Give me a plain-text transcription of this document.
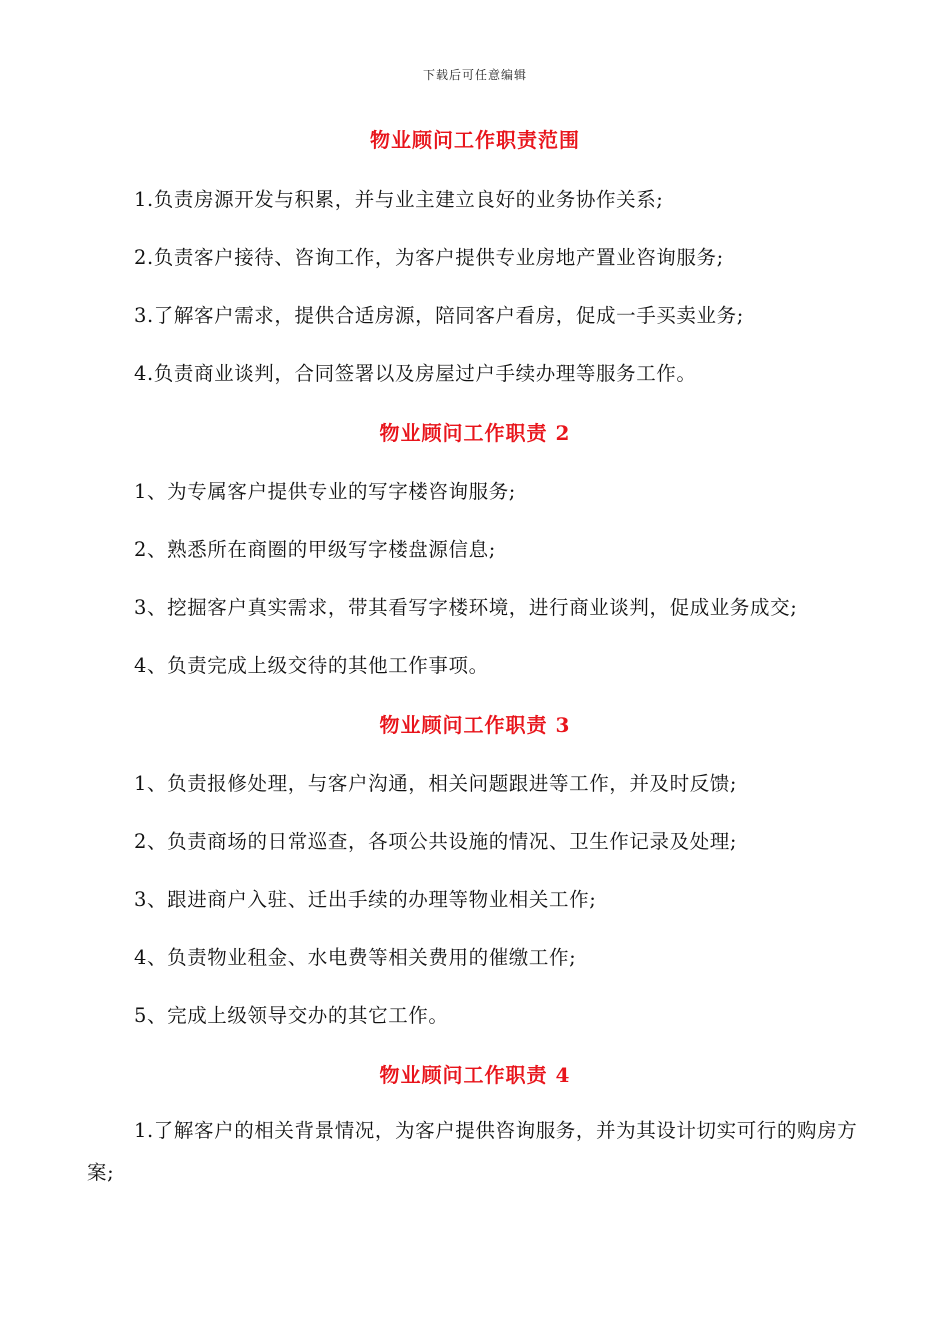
下载后可任意编辑
物业顾问工作职责范围
1.负责房源开发与积累，并与业主建立良好的业务协作关系;
2.负责客户接待、咨询工作，为客户提供专业房地产置业咨询服务;
3.了解客户需求，提供合适房源，陪同客户看房，促成一手买卖业务;
4.负责商业谈判，合同签署以及房屋过户手续办理等服务工作。
物业顾问工作职责 2
1、为专属客户提供专业的写字楼咨询服务;
2、熟悉所在商圈的甲级写字楼盘源信息;
3、挖掘客户真实需求，带其看写字楼环境，进行商业谈判，促成业务成交;
4、负责完成上级交待的其他工作事项。
物业顾问工作职责 3
1、负责报修处理，与客户沟通，相关问题跟进等工作，并及时反馈;
2、负责商场的日常巡查，各项公共设施的情况、卫生作记录及处理;
3、跟进商户入驻、迁出手续的办理等物业相关工作;
4、负责物业租金、水电费等相关费用的催缴工作;
5、完成上级领导交办的其它工作。
物业顾问工作职责 4
1.了解客户的相关背景情况，为客户提供咨询服务，并为其设计切实可行的购房方案;
